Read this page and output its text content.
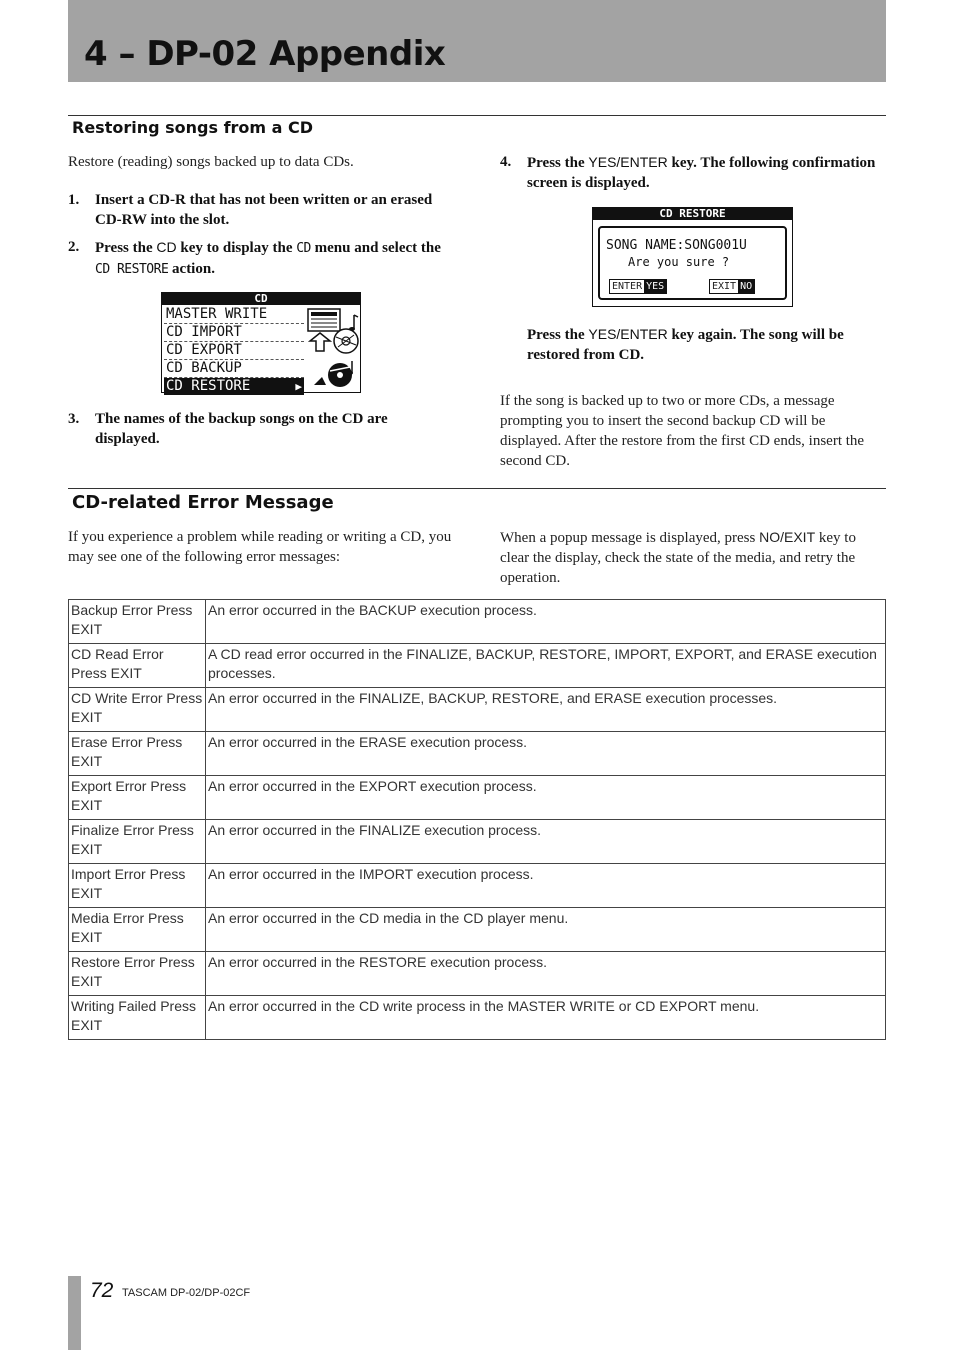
4 – DP-02 Appendix
Restoring songs from a CD

Restore (reading) songs backed up to data CDs.

1.	Insert a CD-R that has not been written or an erased CD-RW into the slot.
2.	Press the CD key to display the CD menu and select the CD RESTORE action.
CD
MASTER WRITE
CD IMPORT
CD EXPORT
CD BACKUP
CD RESTORE	▶
3.	The names of the backup songs on the CD are displayed.
4.	Press the YES/ENTER key. The following confirmation screen is displayed.
CD RESTORE
SONG NAME:SONG001U
Are you sure ?
ENTER YES	EXIT NO
Press the YES/ENTER key again. The song will be restored from CD.

If the song is backed up to two or more CDs, a message prompting you to insert the second backup CD will be displayed. After the restore from the first CD ends, insert the second CD.

CD-related Error Message

If you experience a problem while reading or writing a CD, you may see one of the following error messages:

When a popup message is displayed, press NO/EXIT key to clear the display, check the state of the media, and retry the operation.

Backup Error Press EXIT	An error occurred in the BACKUP execution process.
CD Read Error Press EXIT	A CD read error occurred in the FINALIZE, BACKUP, RESTORE, IMPORT, EXPORT, and ERASE execution processes.
CD Write Error Press EXIT	An error occurred in the FINALIZE, BACKUP, RESTORE, and ERASE execution processes.
Erase Error Press EXIT	An error occurred in the ERASE execution process.
Export Error Press EXIT	An error occurred in the EXPORT execution process.
Finalize Error Press EXIT	An error occurred in the FINALIZE execution process.
Import Error Press EXIT	An error occurred in the IMPORT execution process.
Media Error Press EXIT	An error occurred in the CD media in the CD player menu.
Restore Error Press EXIT	An error occurred in the RESTORE execution process.
Writing Failed Press EXIT	An error occurred in the CD write process in the MASTER WRITE or CD EXPORT menu.
72 TASCAM DP-02/DP-02CF
